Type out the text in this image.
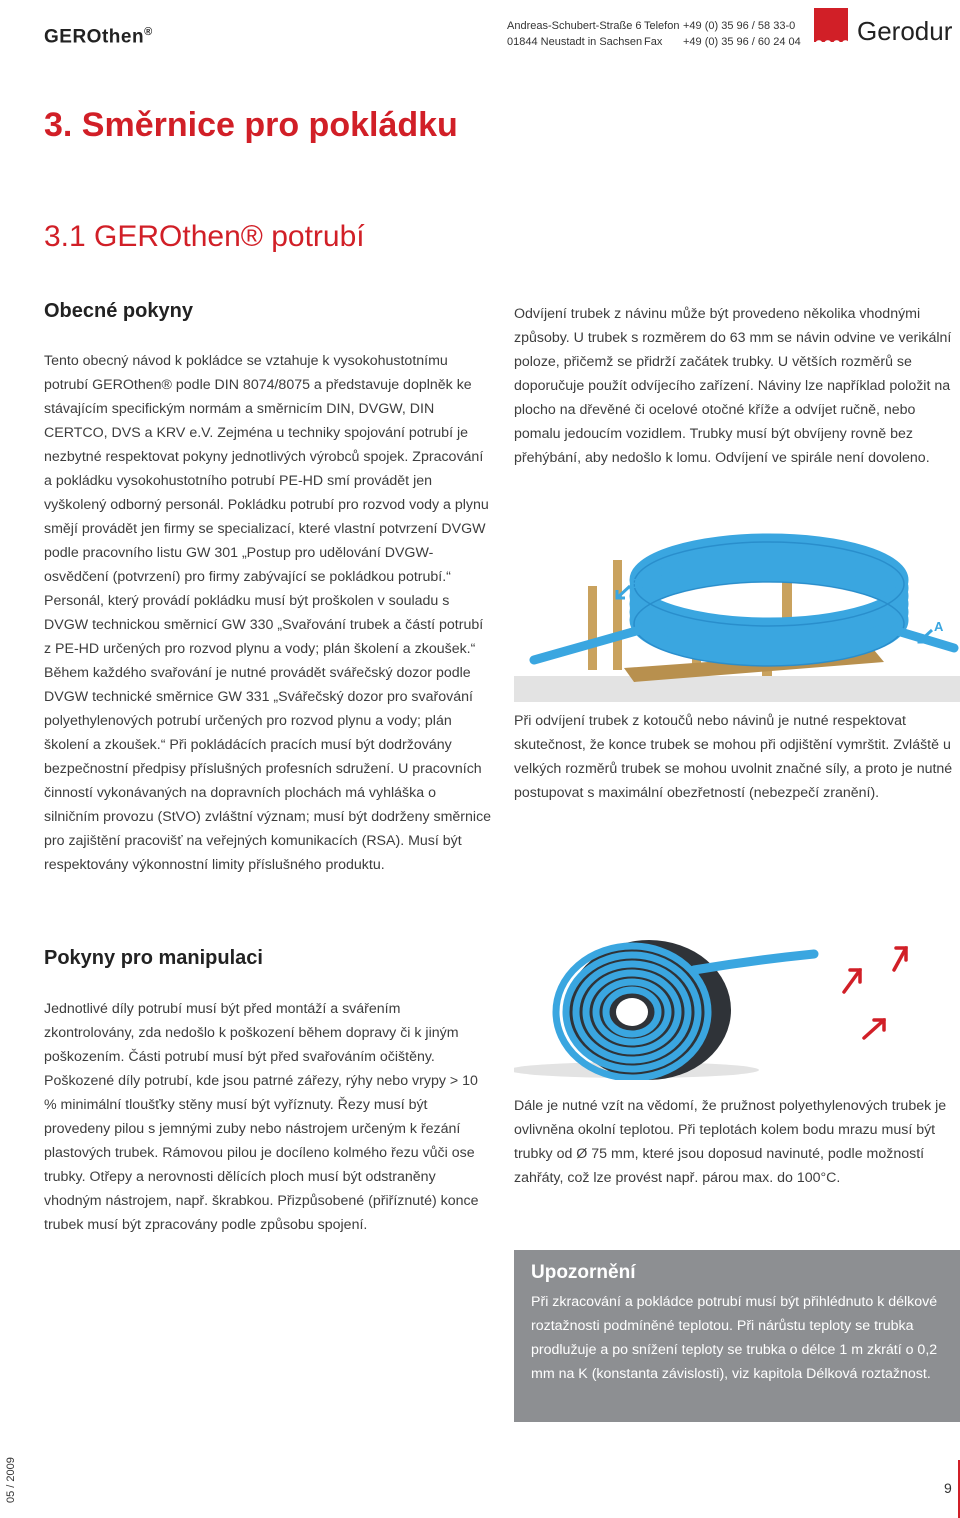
GEROthen®	Andreas-Schubert-Straße 6
01844 Neustadt in Sachsen
Telefon
Fax
+49 (0) 35 96 / 58 33-0
+49 (0) 35 96 / 60 24 04 ●●●● Gerodur
3. Směrnice pro pokládku
3.1 GEROthen® potrubí
Obecné pokyny
Tento obecný návod k pokládce se vztahuje k vysokohustotnímu potrubí GEROthen® podle DIN 8074/8075 a představuje doplněk ke stávajícím specifickým normám a směrnicím DIN, DVGW, DIN CERTCO, DVS a KRV e.V. Zejména u techniky spojování potrubí je nezbytné respektovat pokyny jednotlivých výrobců spojek. Zpracování a pokládku vysokohustotního potrubí PE-HD smí provádět jen vyškolený odborný personál. Pokládku potrubí pro rozvod vody a plynu smějí provádět jen firmy se specializací, které vlastní potvrzení DVGW podle pracovního listu GW 301 „Postup pro udělování DVGW-osvědčení (potvrzení) pro firmy zabývající se pokládkou potrubí.“ Personál, který provádí pokládku musí být proškolen v souladu s DVGW technickou směrnicí GW 330 „Svařování trubek a částí potrubí z PE-HD určených pro rozvod plynu a vody; plán školení a zkoušek.“ Během každého svařování je nutné provádět svářečský dozor podle DVGW technické směrnice GW 331 „Svářečský dozor pro svařování polyethylenových potrubí určených pro rozvod plynu a vody; plán školení a zkoušek.“ Při pokládácích pracích musí být dodržovány bezpečnostní předpisy příslušných profesních sdružení. U pracovních činností vykonávaných na dopravních plochách má vyhláška o silničním provozu (StVO) zvláštní význam; musí být dodrženy směrnice pro zajištění pracovišť na veřejných komunikacích (RSA). Musí být respektovány výkonnostní limity příslušného produktu.
Odvíjení trubek z návinu může být provedeno několika vhodnými způsoby. U trubek s rozměrem do 63 mm se návin odvine ve verikální poloze, přičemž se přidrží začátek trubky. U větších rozměrů se doporučuje použít odvíjecího zařízení. Náviny lze například položit na plocho na dřevěné či ocelové otočné kříže a odvíjet ručně, nebo pomalu jedoucím vozidlem. Trubky musí být obvíjeny rovně bez přehýbání, aby nedošlo k lomu. Odvíjení ve spirále není dovoleno.
B
A
Při odvíjení trubek z kotoučů nebo návinů je nutné respektovat skutečnost, že konce trubek se mohou při odjištění vymrštit. Zvláště u velkých rozměrů trubek se mohou uvolnit značné síly, a proto je nutné postupovat s maximální obezřetností (nebezpečí zranění).
Pokyny pro manipulaci
Jednotlivé díly potrubí musí být před montáží a svářením zkontrolovány, zda nedošlo k poškození během dopravy či k jiným poškozením. Části potrubí musí být před svařováním očištěny. Poškozené díly potrubí, kde jsou patrné zářezy, rýhy nebo vrypy > 10 % minimální tloušťky stěny musí být vyříznuty. Řezy musí být provedeny pilou s jemnými zuby nebo nástrojem určeným k řezání plastových trubek. Rámovou pilou je docíleno kolmého řezu vůči ose trubky. Otřepy a nerovnosti dělících ploch musí být odstraněny vhodným nástrojem, např. škrabkou. Přizpůsobené (přiříznuté) konce trubek musí být zpracovány podle způsobu spojení.
Dále je nutné vzít na vědomí, že pružnost polyethylenových trubek je ovlivněna okolní teplotou. Při teplotách kolem bodu mrazu musí být trubky od Ø 75 mm, které jsou doposud navinuté, podle možností zahřáty, což lze provést např. párou max. do 100°C.
Upozornění
Při zkracování a pokládce potrubí musí být přihlédnuto k délkové roztažnosti podmíněné teplotou. Při nárůstu teploty se trubka prodlužuje a po snížení teploty se trubka o délce 1 m zkrátí o 0,2 mm na K (konstanta závislosti), viz kapitola Délková roztažnost.
05 / 2009	9
